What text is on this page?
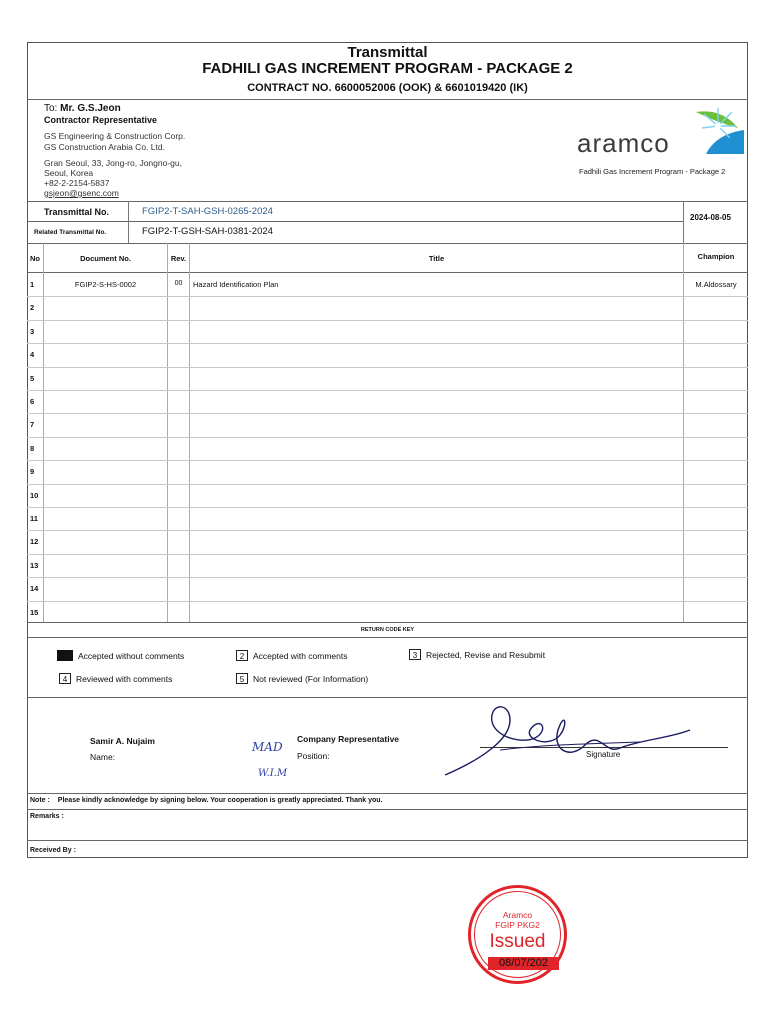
Transmittal
FADHILI GAS INCREMENT PROGRAM - PACKAGE 2
CONTRACT NO. 6600052006 (OOK) & 6601019420 (IK)
To: Mr. G.S.Jeon
Contractor Representative
GS Engineering & Construction Corp.
GS Construction Arabia Co. Ltd.
Gran Seoul, 33, Jong-ro, Jongno-gu,
Seoul, Korea
+82-2-2154-5837
gsjeon@gsenc.com
aramco
Fadhili Gas Increment Program - Package 2
Transmittal No.	FGIP2-T-SAH-GSH-0265-2024
Related Transmittal No.	FGIP2-T-GSH-SAH-0381-2024
2024-08-05
No	Document No.	Rev.	Title	Champion
1	FGIP2-S-HS-0002	00	Hazard Identification Plan	M.Aldossary
2
3
4
5
6
7
8
9
10
11
12
13
14
15
RETURN CODE KEY
Accepted without comments	2	Accepted with comments	3	Rejected, Revise and Resubmit
4	Reviewed with comments	5	Not reviewed (For Information)
Samir A. Nujaim
Name:
MAD
W.I.M
Company Representative
Position:	Signature
Note : Please kindly acknowledge by signing below. Your cooperation is greatly appreciated. Thank you.
Remarks :
Received By :
Aramco
FGIP PKG2
Issued
08/07/202
